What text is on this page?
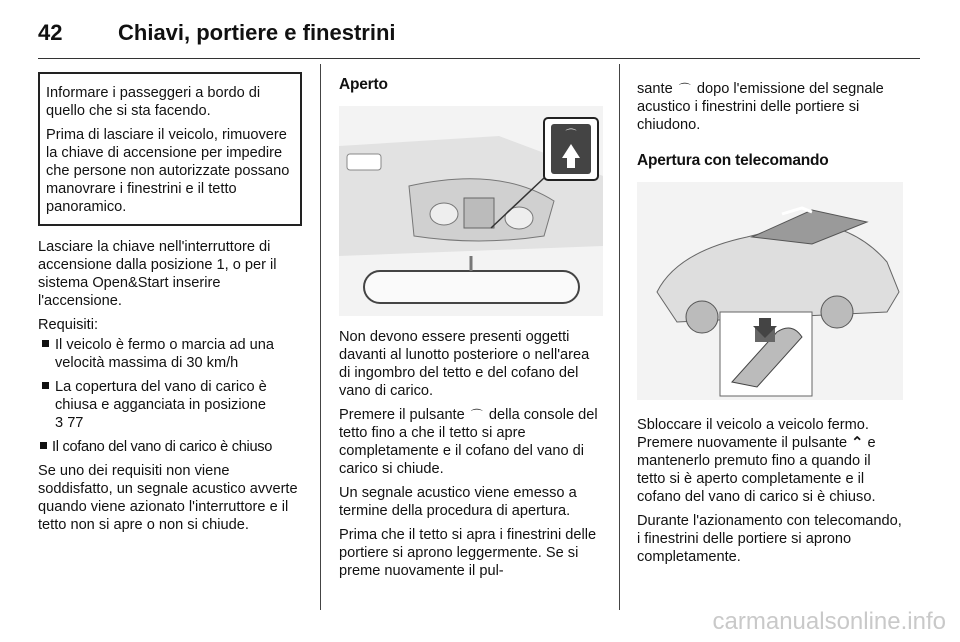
42	Chiavi, portiere e finestrini

Informare i passeggeri a bordo di quello che si sta facendo.

Prima di lasciare il veicolo, rimuovere la chiave di accensione per impedire che persone non autorizzate possano manovrare i finestrini e il tetto panoramico.

Lasciare la chiave nell'interruttore di accensione dalla posizione 1, o per il sistema Open&Start inserire l'accensione.

Requisiti:

Il veicolo è fermo o marcia ad una velocità massima di 30 km/h
La copertura del vano di carico è chiusa e agganciata in posizione
3 77
Il cofano del vano di carico è chiuso

Se uno dei requisiti non viene soddisfatto, un segnale acustico avverte quando viene azionato l'interruttore e il tetto non si apre o non si chiude.

Aperto
⌒

Non devono essere presenti oggetti davanti al lunotto posteriore o nell'area di ingombro del tetto e del cofano del vano di carico.

Premere il pulsante ⌒ della console del tetto fino a che il tetto si apre completamente e il cofano del vano di carico si chiude.

Un segnale acustico viene emesso a termine della procedura di apertura.

Prima che il tetto si apra i finestrini delle portiere si aprono leggermente. Se si preme nuovamente il pul-

sante ⌒ dopo l'emissione del segnale acustico i finestrini delle portiere si chiudono.

Apertura con telecomando

Sbloccare il veicolo a veicolo fermo. Premere nuovamente il pulsante ⌃ e mantenerlo premuto fino a quando il tetto si è aperto completamente e il cofano del vano di carico si è chiuso.

Durante l'azionamento con telecomando, i finestrini delle portiere si aprono completamente.

carmanualsonline.info
